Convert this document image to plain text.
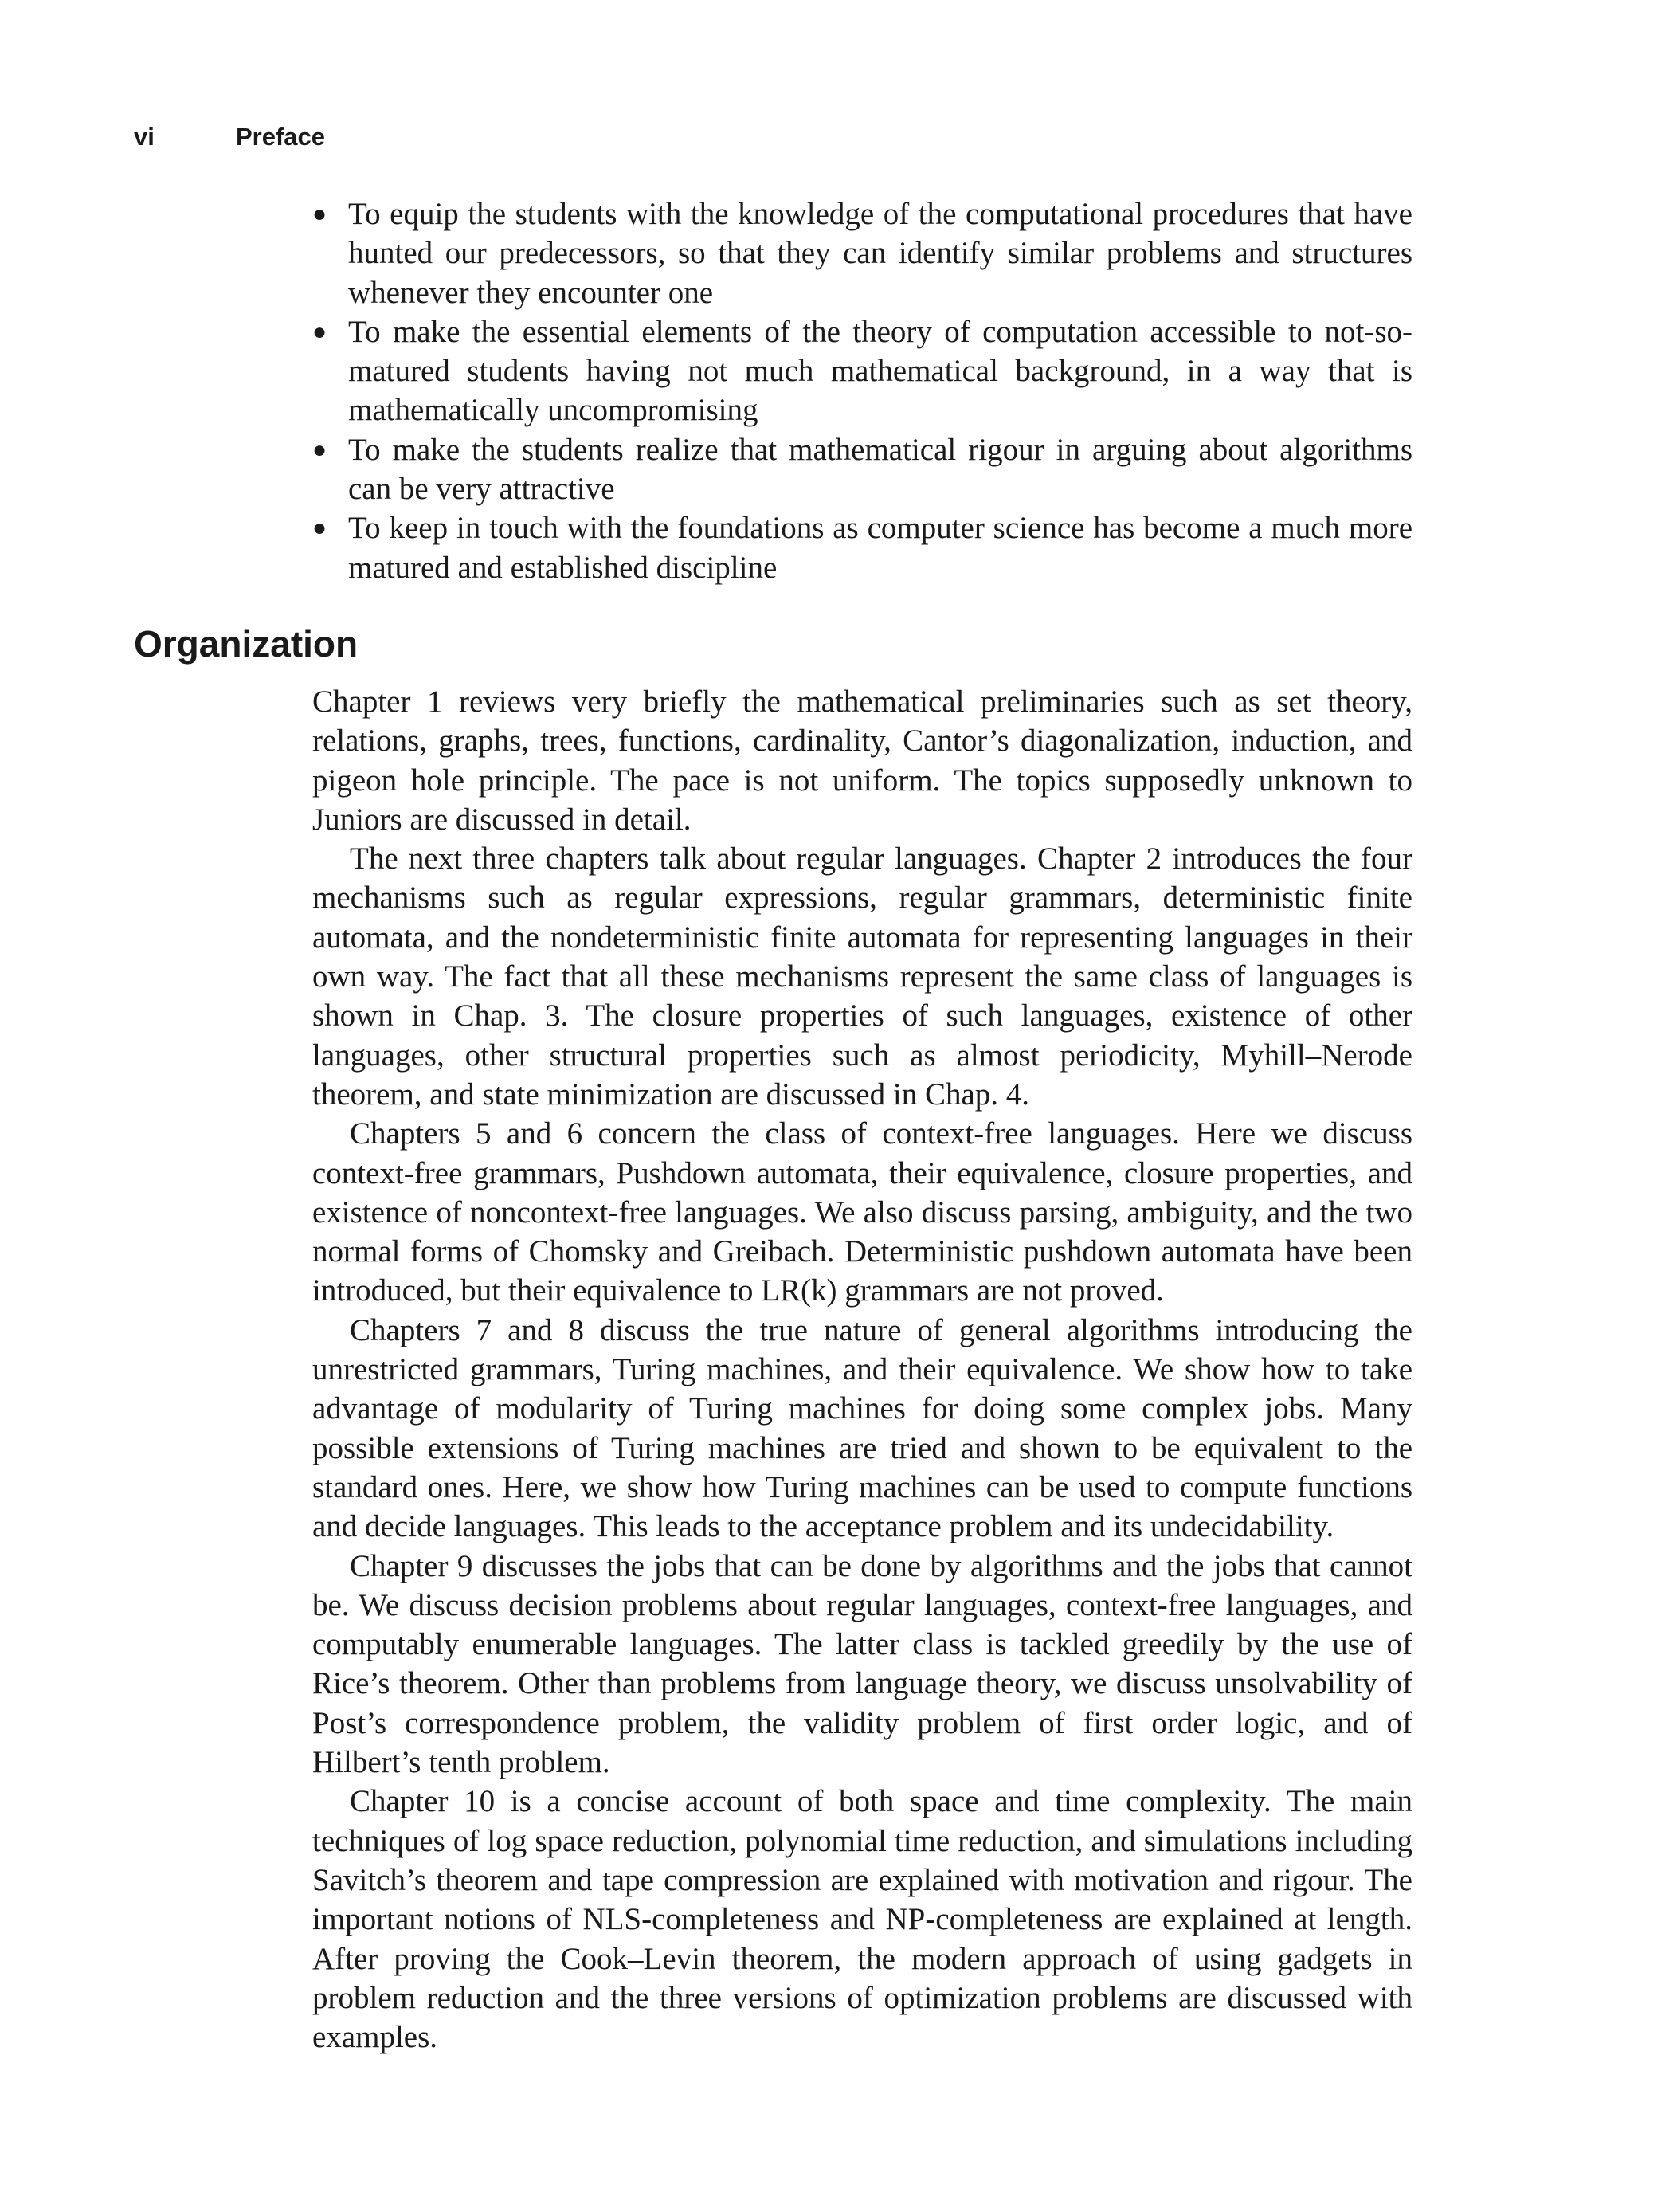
vi	Preface
● To equip the students with the knowledge of the computational procedures that have hunted our predecessors, so that they can identify similar problems and structures whenever they encounter one
● To make the essential elements of the theory of computation accessible to not-so-matured students having not much mathematical background, in a way that is mathematically uncompromising
● To make the students realize that mathematical rigour in arguing about algorithms can be very attractive
● To keep in touch with the foundations as computer science has become a much more matured and established discipline
Organization

Chapter 1 reviews very briefly the mathematical preliminaries such as set theory, relations, graphs, trees, functions, cardinality, Cantor’s diagonalization, induction, and pigeon hole principle. The pace is not uniform. The topics supposedly unknown to Juniors are discussed in detail.

The next three chapters talk about regular languages. Chapter 2 introduces the four mechanisms such as regular expressions, regular grammars, deterministic finite automata, and the nondeterministic finite automata for representing languages in their own way. The fact that all these mechanisms represent the same class of languages is shown in Chap. 3. The closure properties of such languages, existence of other languages, other structural properties such as almost periodicity, Myhill–Nerode theorem, and state minimization are discussed in Chap. 4.

Chapters 5 and 6 concern the class of context-free languages. Here we discuss context-free grammars, Pushdown automata, their equivalence, closure properties, and existence of noncontext-free languages. We also discuss parsing, ambiguity, and the two normal forms of Chomsky and Greibach. Deterministic pushdown automata have been introduced, but their equivalence to LR(k) grammars are not proved.

Chapters 7 and 8 discuss the true nature of general algorithms introducing the unrestricted grammars, Turing machines, and their equivalence. We show how to take advantage of modularity of Turing machines for doing some complex jobs. Many possible extensions of Turing machines are tried and shown to be equivalent to the standard ones. Here, we show how Turing machines can be used to compute functions and decide languages. This leads to the acceptance problem and its undecidability.

Chapter 9 discusses the jobs that can be done by algorithms and the jobs that cannot be. We discuss decision problems about regular languages, context-free languages, and computably enumerable languages. The latter class is tackled greedily by the use of Rice’s theorem. Other than problems from language theory, we discuss unsolvability of Post’s correspondence problem, the validity problem of first order logic, and of Hilbert’s tenth problem.

Chapter 10 is a concise account of both space and time complexity. The main techniques of log space reduction, polynomial time reduction, and simulations including Savitch’s theorem and tape compression are explained with motivation and rigour. The important notions of NLS-completeness and NP-completeness are explained at length. After proving the Cook–Levin theorem, the modern approach of using gadgets in problem reduction and the three versions of optimization problems are discussed with examples.
